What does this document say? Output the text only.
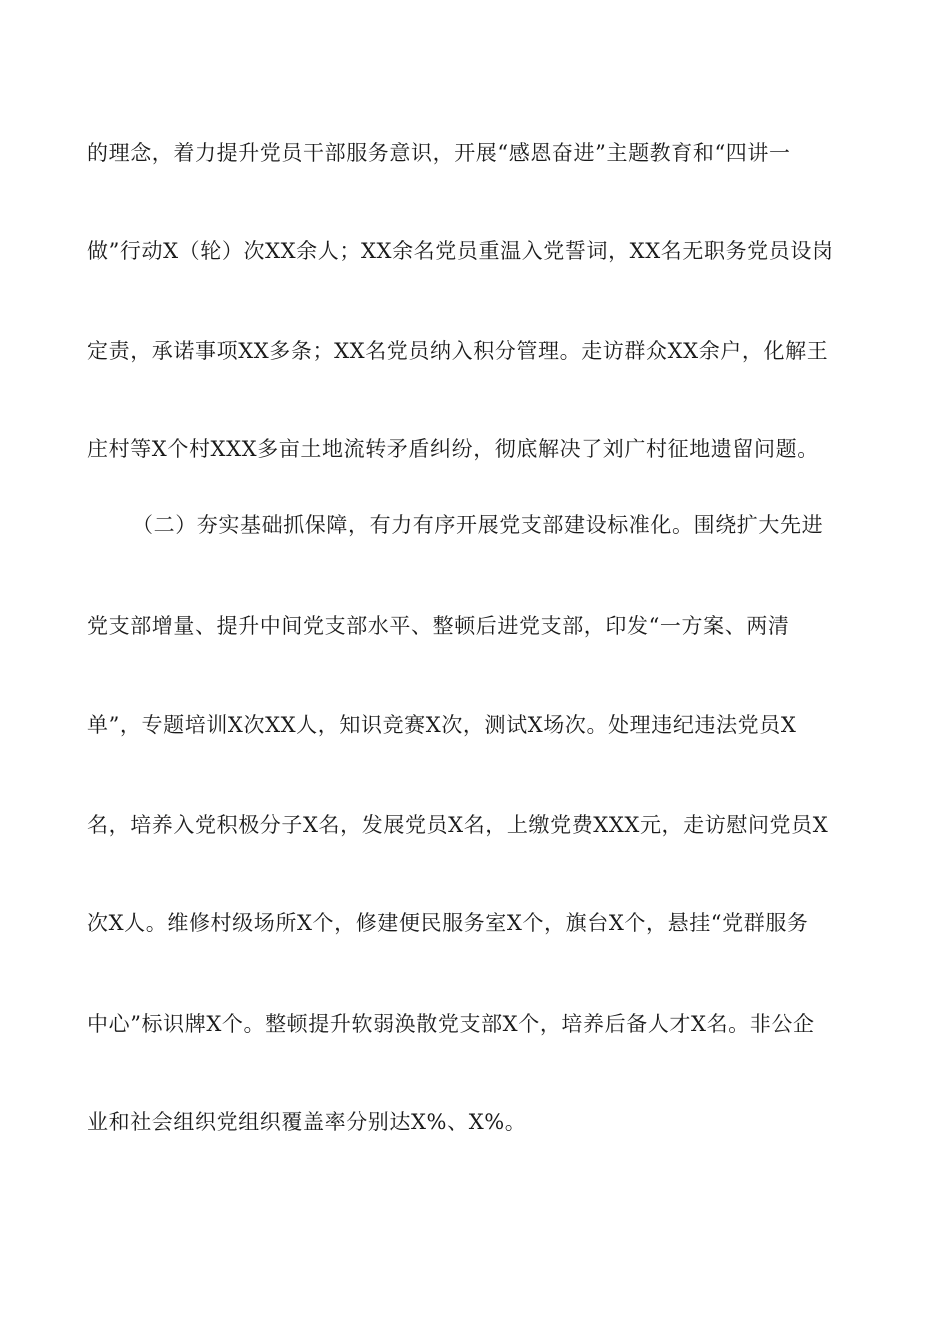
的理念，着力提升党员干部服务意识，开展“感恩奋进”主题教育和“四讲一
做”行动X（轮）次XX余人；XX余名党员重温入党誓词，XX名无职务党员设岗
定责，承诺事项XX多条；XX名党员纳入积分管理。走访群众XX余户，化解王
庄村等X个村XXX多亩土地流转矛盾纠纷，彻底解决了刘广村征地遗留问题。
（二）夯实基础抓保障，有力有序开展党支部建设标准化。围绕扩大先进
党支部增量、提升中间党支部水平、整顿后进党支部，印发“一方案、两清
单”，专题培训X次XX人，知识竞赛X次，测试X场次。处理违纪违法党员X
名，培养入党积极分子X名，发展党员X名，上缴党费XXX元，走访慰问党员X
次X人。维修村级场所X个，修建便民服务室X个，旗台X个，悬挂“党群服务
中心”标识牌X个。整顿提升软弱涣散党支部X个，培养后备人才X名。非公企
业和社会组织党组织覆盖率分别达X%、X%。
